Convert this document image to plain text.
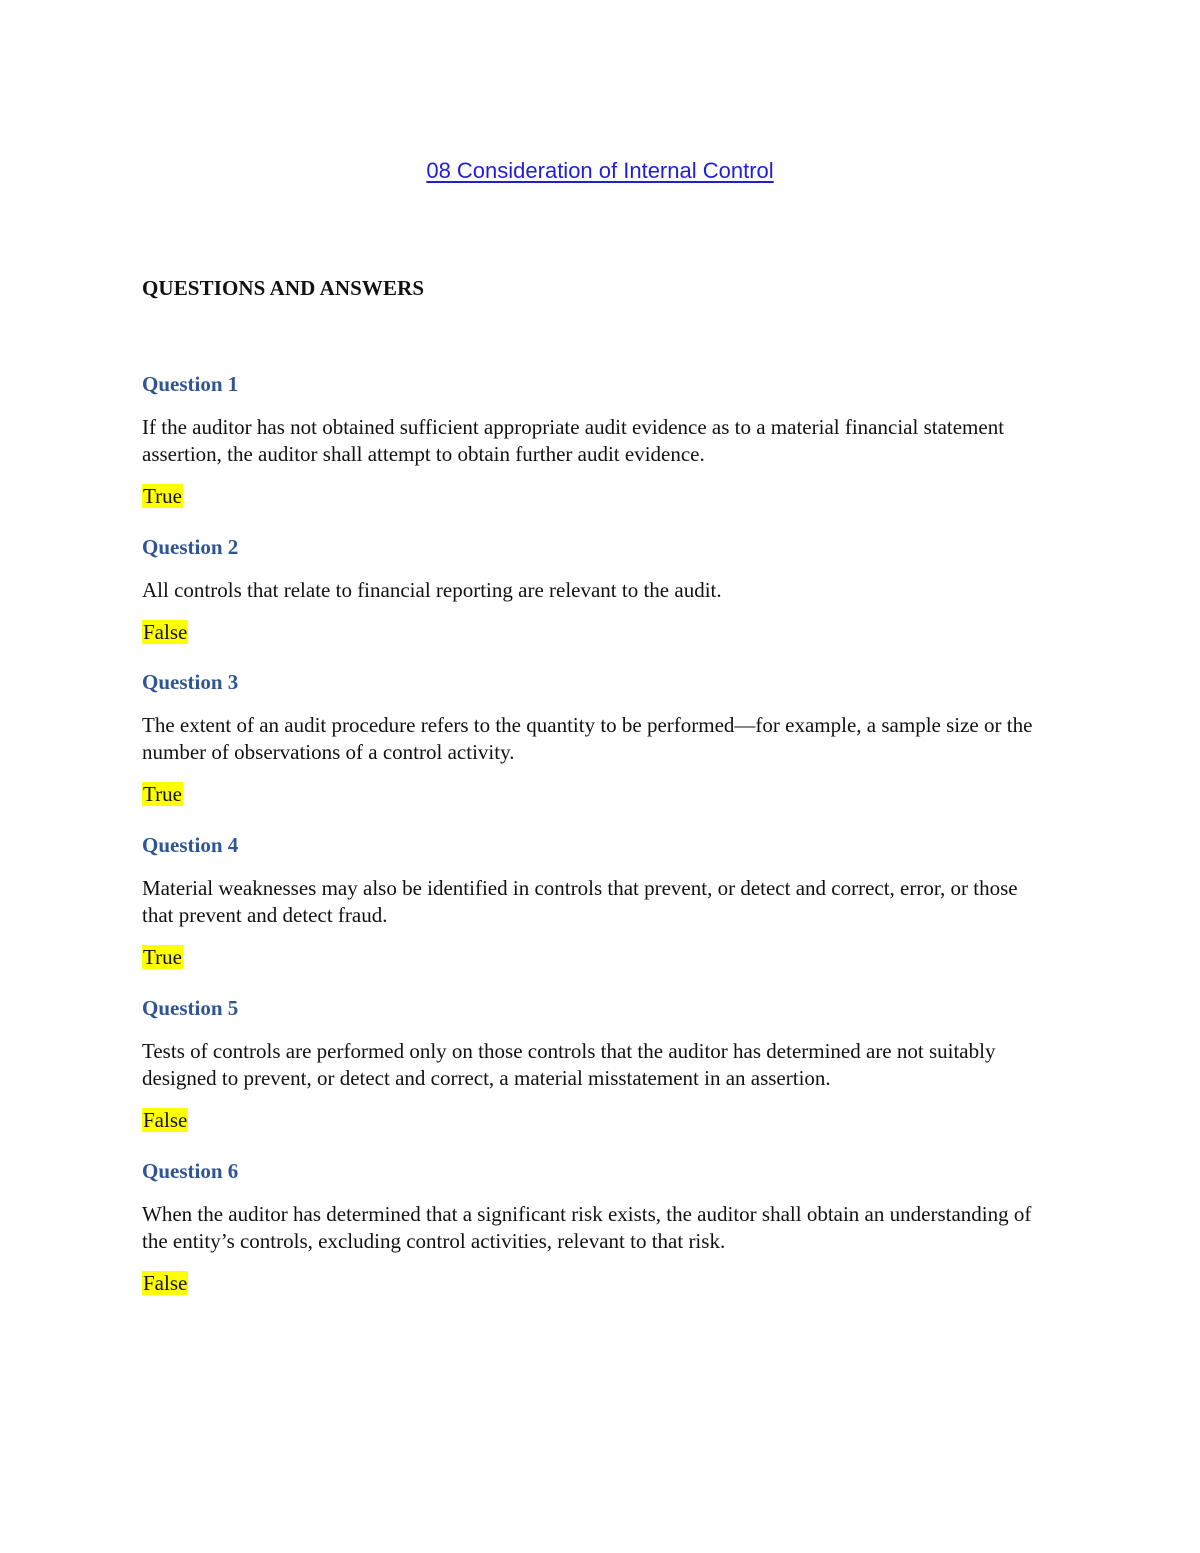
08 Consideration of Internal Control
QUESTIONS AND ANSWERS
Question 1
If the auditor has not obtained sufficient appropriate audit evidence as to a material financial statement assertion, the auditor shall attempt to obtain further audit evidence.
True
Question 2
All controls that relate to financial reporting are relevant to the audit.
False
Question 3
The extent of an audit procedure refers to the quantity to be performed—for example, a sample size or the number of observations of a control activity.
True
Question 4
Material weaknesses may also be identified in controls that prevent, or detect and correct, error, or those that prevent and detect fraud.
True
Question 5
Tests of controls are performed only on those controls that the auditor has determined are not suitably designed to prevent, or detect and correct, a material misstatement in an assertion.
False
Question 6
When the auditor has determined that a significant risk exists, the auditor shall obtain an understanding of the entity’s controls, excluding control activities, relevant to that risk.
False
